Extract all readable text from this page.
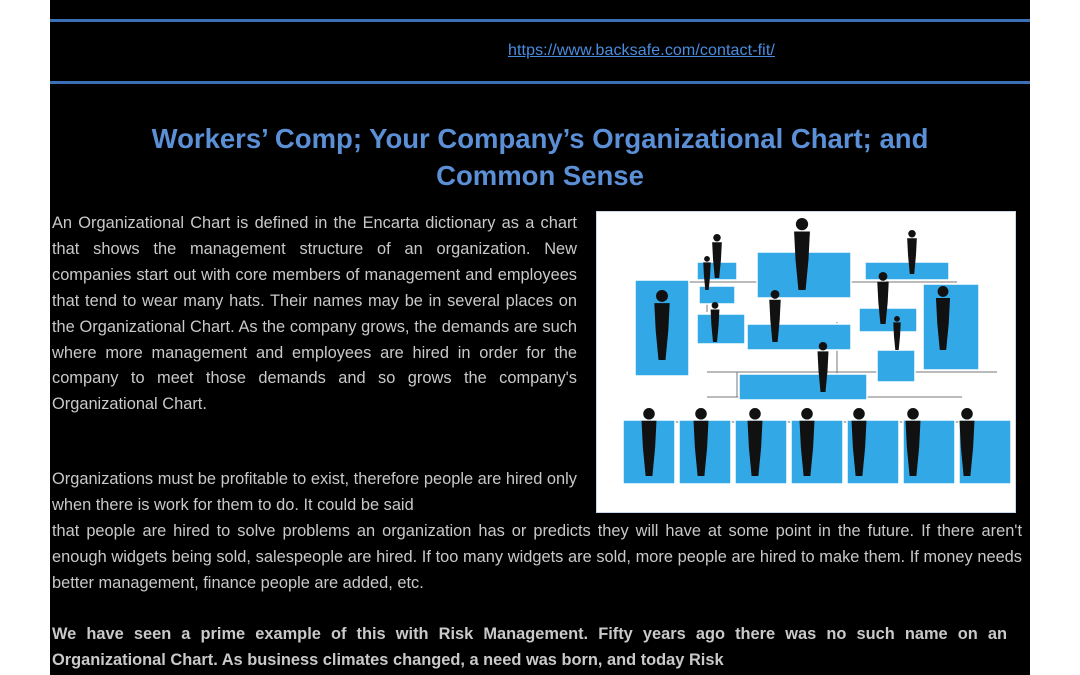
https://www.backsafe.com/contact-fit/
Workers’ Comp; Your Company’s Organizational Chart; and
Common Sense

An Organizational Chart is defined in the Encarta dictionary as a chart that shows the management structure of an organization. New companies start out with core members of management and employees that tend to wear many hats. Their names may be in several places on the Organizational Chart. As the company grows, the demands are such where more management and employees are hired in order for the company to meet those demands and so grows the company's Organizational Chart.

Organizations must be profitable to exist, therefore people are hired only when there is work for them to do. It could be said

that people are hired to solve problems an organization has or predicts they will have at some point in the future. If there aren't enough widgets being sold, salespeople are hired. If too many widgets are sold, more people are hired to make them. If money needs better management, finance people are added, etc.

We have seen a prime example of this with Risk Management. Fifty years ago there was no such name on an Organizational Chart. As business climates changed, a need was born, and today Risk
